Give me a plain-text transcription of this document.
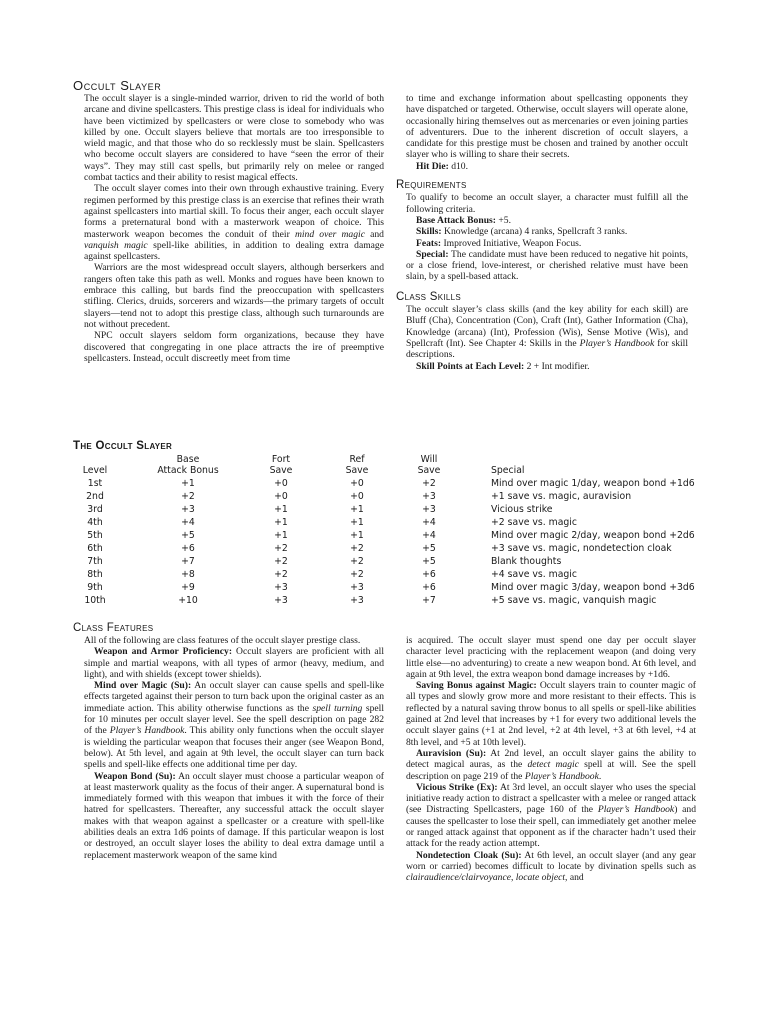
Occult Slayer

The occult slayer is a single-minded warrior, driven to rid the world of both arcane and divine spellcasters. This prestige class is ideal for individuals who have been victimized by spellcasters or were close to somebody who was killed by one. Occult slayers believe that mortals are too irresponsible to wield magic, and that those who do so recklessly must be slain. Spellcasters who become occult slayers are considered to have “seen the error of their ways”. They may still cast spells, but primarily rely on melee or ranged combat tactics and their ability to resist magical effects.

The occult slayer comes into their own through exhaustive training. Every regimen performed by this prestige class is an exercise that refines their wrath against spellcasters into martial skill. To focus their anger, each occult slayer forms a preternatural bond with a masterwork weapon of choice. This masterwork weapon becomes the conduit of their mind over magic and vanquish magic spell-like abilities, in addition to dealing extra damage against spellcasters.

Warriors are the most widespread occult slayers, although berserkers and rangers often take this path as well. Monks and rogues have been known to embrace this calling, but bards find the preoccupation with spellcasters stifling. Clerics, druids, sorcerers and wizards—the primary targets of occult slayers—tend not to adopt this prestige class, although such turnarounds are not without precedent.

NPC occult slayers seldom form organizations, because they have discovered that congregating in one place attracts the ire of preemptive spellcasters. Instead, occult discreetly meet from time

to time and exchange information about spellcasting opponents they have dispatched or targeted. Otherwise, occult slayers will operate alone, occasionally hiring themselves out as mercenaries or even joining parties of adventurers. Due to the inherent discretion of occult slayers, a candidate for this prestige must be chosen and trained by another occult slayer who is willing to share their secrets.

Hit Die: d10.

Requirements

To qualify to become an occult slayer, a character must fulfill all the following criteria.

Base Attack Bonus: +5.

Skills: Knowledge (arcana) 4 ranks, Spellcraft 3 ranks.

Feats: Improved Initiative, Weapon Focus.

Special: The candidate must have been reduced to negative hit points, or a close friend, love-interest, or cherished relative must have been slain, by a spell-based attack.

Class Skills

The occult slayer’s class skills (and the key ability for each skill) are Bluff (Cha), Concentration (Con), Craft (Int), Gather Information (Cha), Knowledge (arcana) (Int), Profession (Wis), Sense Motive (Wis), and Spellcraft (Int). See Chapter 4: Skills in the Player’s Handbook for skill descriptions.

Skill Points at Each Level: 2 + Int modifier.

The Occult Slayer
Base	Fort	Ref	Will
Level	Attack Bonus	Save	Save	Save	Special
1st	+1	+0	+0	+2	Mind over magic 1/day, weapon bond +1d6
2nd	+2	+0	+0	+3	+1 save vs. magic, auravision
3rd	+3	+1	+1	+3	Vicious strike
4th	+4	+1	+1	+4	+2 save vs. magic
5th	+5	+1	+1	+4	Mind over magic 2/day, weapon bond +2d6
6th	+6	+2	+2	+5	+3 save vs. magic, nondetection cloak
7th	+7	+2	+2	+5	Blank thoughts
8th	+8	+2	+2	+6	+4 save vs. magic
9th	+9	+3	+3	+6	Mind over magic 3/day, weapon bond +3d6
10th	+10	+3	+3	+7	+5 save vs. magic, vanquish magic
Class Features

All of the following are class features of the occult slayer prestige class.

Weapon and Armor Proficiency: Occult slayers are proficient with all simple and martial weapons, with all types of armor (heavy, medium, and light), and with shields (except tower shields).

Mind over Magic (Su): An occult slayer can cause spells and spell-like effects targeted against their person to turn back upon the original caster as an immediate action. This ability otherwise functions as the spell turning spell for 10 minutes per occult slayer level. See the spell description on page 282 of the Player’s Handbook. This ability only functions when the occult slayer is wielding the particular weapon that focuses their anger (see Weapon Bond, below). At 5th level, and again at 9th level, the occult slayer can turn back spells and spell-like effects one additional time per day.

Weapon Bond (Su): An occult slayer must choose a particular weapon of at least masterwork quality as the focus of their anger. A supernatural bond is immediately formed with this weapon that imbues it with the force of their hatred for spellcasters. Thereafter, any successful attack the occult slayer makes with that weapon against a spellcaster or a creature with spell-like abilities deals an extra 1d6 points of damage. If this particular weapon is lost or destroyed, an occult slayer loses the ability to deal extra damage until a replacement masterwork weapon of the same kind

is acquired. The occult slayer must spend one day per occult slayer character level practicing with the replacement weapon (and doing very little else—no adventuring) to create a new weapon bond. At 6th level, and again at 9th level, the extra weapon bond damage increases by +1d6.

Saving Bonus against Magic: Occult slayers train to counter magic of all types and slowly grow more and more resistant to their effects. This is reflected by a natural saving throw bonus to all spells or spell-like abilities gained at 2nd level that increases by +1 for every two additional levels the occult slayer gains (+1 at 2nd level, +2 at 4th level, +3 at 6th level, +4 at 8th level, and +5 at 10th level).

Auravision (Su): At 2nd level, an occult slayer gains the ability to detect magical auras, as the detect magic spell at will. See the spell description on page 219 of the Player’s Handbook.

Vicious Strike (Ex): At 3rd level, an occult slayer who uses the special initiative ready action to distract a spellcaster with a melee or ranged attack (see Distracting Spellcasters, page 160 of the Player’s Handbook) and causes the spellcaster to lose their spell, can immediately get another melee or ranged attack against that opponent as if the character hadn’t used their attack for the ready action attempt.

Nondetection Cloak (Su): At 6th level, an occult slayer (and any gear worn or carried) becomes difficult to locate by divination spells such as clairaudience/clairvoyance, locate object, and
